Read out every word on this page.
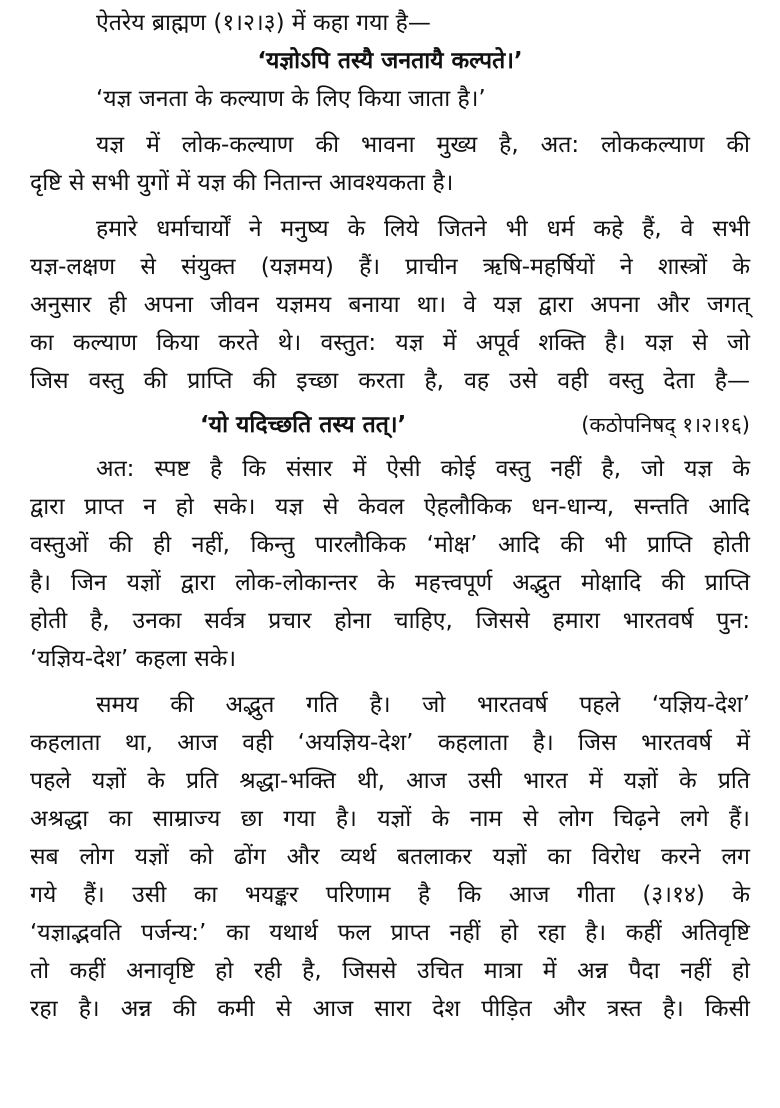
ऐतरेय ब्राह्मण (१।२।३) में कहा गया है—
‘यज्ञोऽपि तस्यै जनतायै कल्पते।’
‘यज्ञ जनता के कल्याण के लिए किया जाता है।’
यज्ञ में लोक-कल्याण की भावना मुख्य है, अत: लोककल्याण की
दृष्टि से सभी युगों में यज्ञ की नितान्त आवश्यकता है।
हमारे धर्माचार्यों ने मनुष्य के लिये जितने भी धर्म कहे हैं, वे सभी
यज्ञ-लक्षण से संयुक्त (यज्ञमय) हैं। प्राचीन ऋषि-महर्षियों ने शास्त्रों के
अनुसार ही अपना जीवन यज्ञमय बनाया था। वे यज्ञ द्वारा अपना और जगत्
का कल्याण किया करते थे। वस्तुत: यज्ञ में अपूर्व शक्ति है। यज्ञ से जो
जिस वस्तु की प्राप्ति की इच्छा करता है, वह उसे वही वस्तु देता है—
‘यो यदिच्छति तस्य तत्।’	(कठोपनिषद् १।२।१६)
अत: स्पष्ट है कि संसार में ऐसी कोई वस्तु नहीं है, जो यज्ञ के
द्वारा प्राप्त न हो सके। यज्ञ से केवल ऐहलौकिक धन-धान्य, सन्तति आदि
वस्तुओं की ही नहीं, किन्तु पारलौकिक ‘मोक्ष’ आदि की भी प्राप्ति होती
है। जिन यज्ञों द्वारा लोक-लोकान्तर के महत्त्वपूर्ण अद्भुत मोक्षादि की प्राप्ति
होती है, उनका सर्वत्र प्रचार होना चाहिए, जिससे हमारा भारतवर्ष पुन:
‘यज्ञिय-देश’ कहला सके।
समय की अद्भुत गति है। जो भारतवर्ष पहले ‘यज्ञिय-देश’
कहलाता था, आज वही ‘अयज्ञिय-देश’ कहलाता है। जिस भारतवर्ष में
पहले यज्ञों के प्रति श्रद्धा-भक्ति थी, आज उसी भारत में यज्ञों के प्रति
अश्रद्धा का साम्राज्य छा गया है। यज्ञों के नाम से लोग चिढ़ने लगे हैं।
सब लोग यज्ञों को ढोंग और व्यर्थ बतलाकर यज्ञों का विरोध करने लग
गये हैं। उसी का भयङ्कर परिणाम है कि आज गीता (३।१४) के
‘यज्ञाद्भवति पर्जन्य:’ का यथार्थ फल प्राप्त नहीं हो रहा है। कहीं अतिवृष्टि
तो कहीं अनावृष्टि हो रही है, जिससे उचित मात्रा में अन्न पैदा नहीं हो
रहा है। अन्न की कमी से आज सारा देश पीड़ित और त्रस्त है। किसी
